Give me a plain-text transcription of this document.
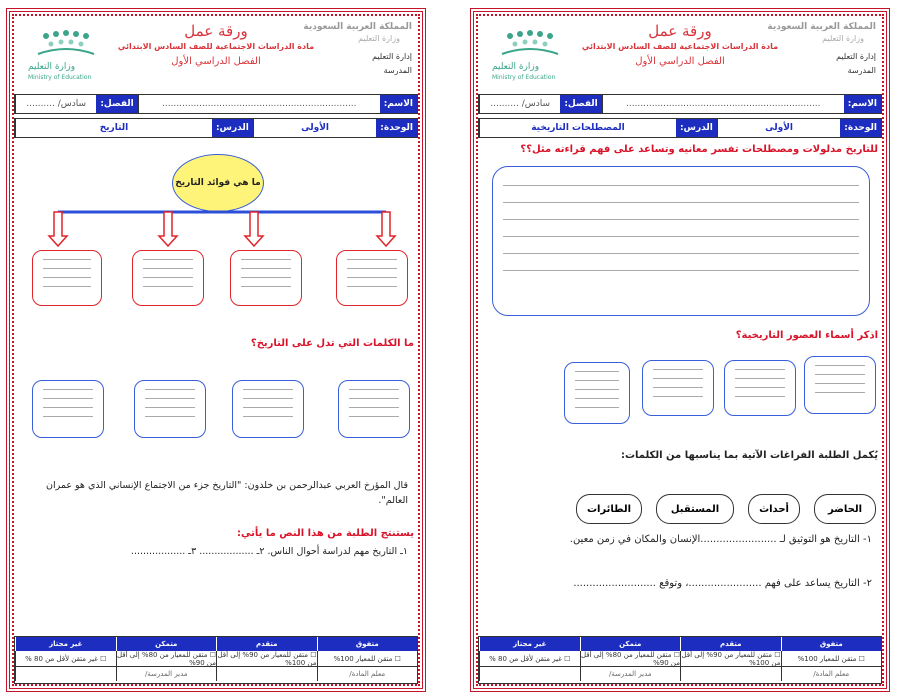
المملكة العربية السعودية
وزارة التعليم
إدارة التعليم
المدرسة
ورقة عمل
مادة الدراسات الاجتماعية للصف السادس الابتدائي
الفصل الدراسي الأول
وزارة التعليم
Ministry of Education
الاسم:
....................................................................
الفصل:
سادس/ ..........
الوحدة:
الأولى
الدرس:
التاريخ
ما هي فوائد التاريخ
ما الكلمات التي تدل على التاريخ؟
قال المؤرخ العربي عبدالرحمن بن خلدون: "التاريخ جزء من الاجتماع الإنساني الذي هو عمران العالم".
يستنتج الطلبة من هذا النص ما يأتي:
١ـ التاريخ مهم لدراسة أحوال الناس. ٢ـ .................. ٣ـ ..................
متفوق
متقدم
متمكن
غير مجتاز
☐ متقن للمعيار 100%
☐ متقن للمعيار من 90% إلى أقل من 100%
☐ متقن للمعيار من 80% إلى أقل من 90%
☐ غير متقن لأقل من 80 %
معلم المادة/
مدير المدرسة/
المملكة العربية السعودية
وزارة التعليم
إدارة التعليم
المدرسة
ورقة عمل
مادة الدراسات الاجتماعية للصف السادس الابتدائي
الفصل الدراسي الأول
وزارة التعليم
Ministry of Education
الاسم:
....................................................................
الفصل:
سادس/ ..........
الوحدة:
الأولى
الدرس:
المصطلحات التاريخية
للتاريخ مدلولات ومصطلحات تفسر معانيه وتساعد على فهم قراءته مثل؟؟
اذكر أسماء العصور التاريخية؟
يُكمل الطلبة الفراغات الآتية بما يناسبها من الكلمات:
الحاضر
أحداث
المستقبل
الطائرات
١- التاريخ هو التوثيق لـ ........................الإنسان والمكان في زمن معين.
٢- التاريخ يساعد على فهم .......................، وتوقع ..........................
متفوق
متقدم
متمكن
غير مجتاز
☐ متقن للمعيار 100%
☐ متقن للمعيار من 90% إلى أقل من 100%
☐ متقن للمعيار من 80% إلى أقل من 90%
☐ غير متقن لأقل من 80 %
معلم المادة/
مدير المدرسة/
